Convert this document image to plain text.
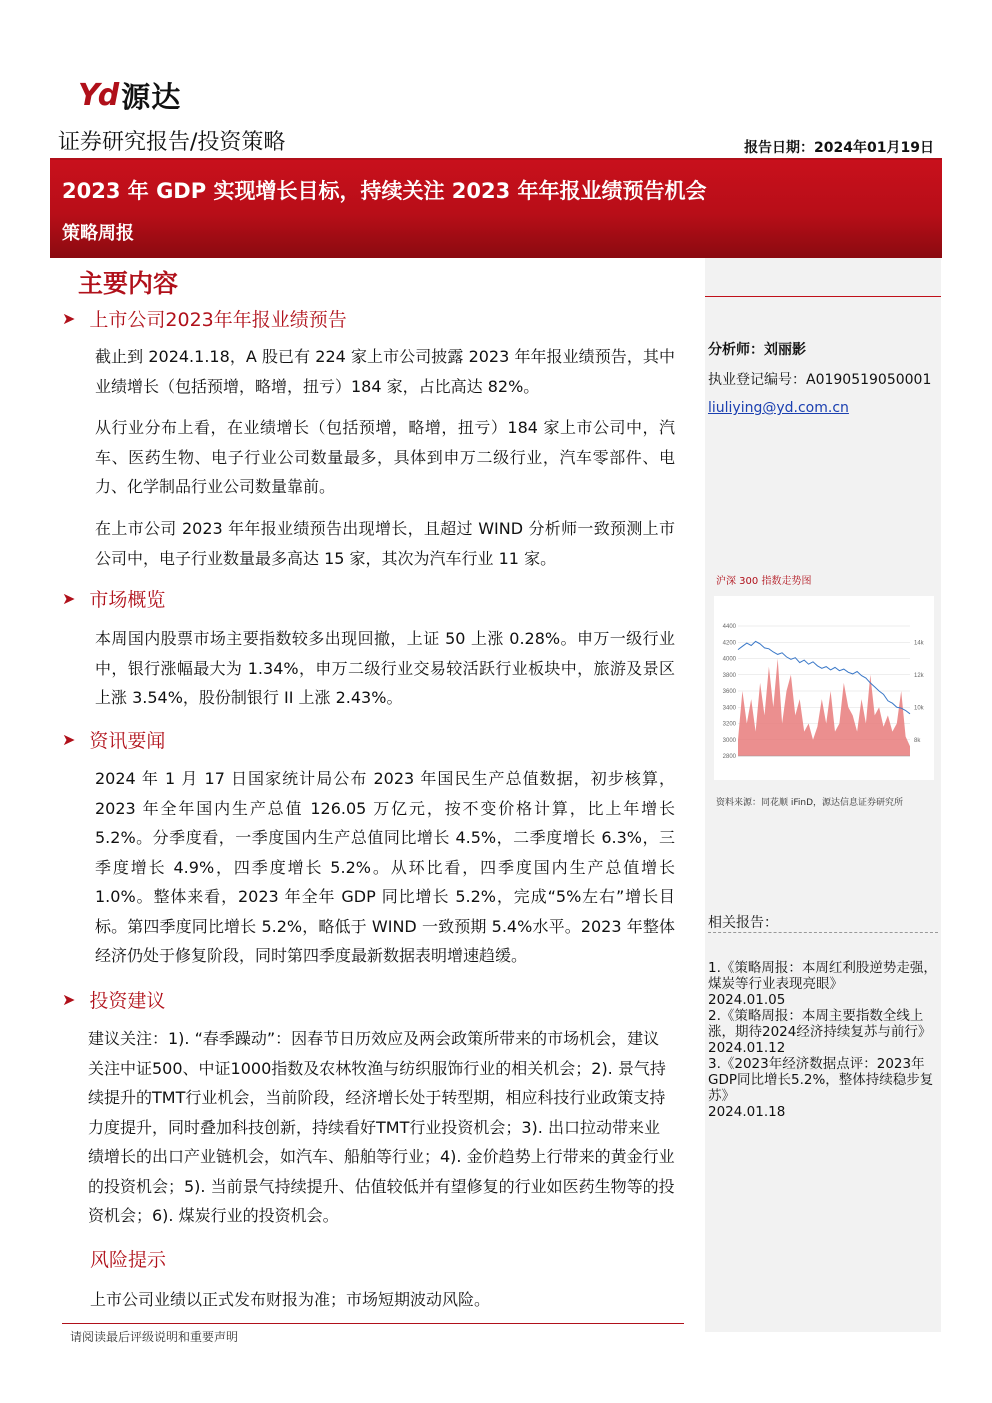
Yd 源达
证券研究报告/投资策略	报告日期：2024年01月19日
2023 年 GDP 实现增长目标，持续关注 2023 年年报业绩预告机会
策略周报
主要内容
➤ 上市公司2023年年报业绩预告
截止到 2024.1.18，A 股已有 224 家上市公司披露 2023 年年报业绩预告，其中业绩增长（包括预增，略增，扭亏）184 家，占比高达 82%。
从行业分布上看，在业绩增长（包括预增，略增，扭亏）184 家上市公司中，汽车、医药生物、电子行业公司数量最多，具体到申万二级行业，汽车零部件、电力、化学制品行业公司数量靠前。
在上市公司 2023 年年报业绩预告出现增长，且超过 WIND 分析师一致预测上市公司中，电子行业数量最多高达 15 家，其次为汽车行业 11 家。
➤ 市场概览
本周国内股票市场主要指数较多出现回撤，上证 50 上涨 0.28%。申万一级行业中，银行涨幅最大为 1.34%，申万二级行业交易较活跃行业板块中，旅游及景区上涨 3.54%，股份制银行 II 上涨 2.43%。
➤ 资讯要闻
2024 年 1 月 17 日国家统计局公布 2023 年国民生产总值数据，初步核算，2023 年全年国内生产总值 126.05 万亿元，按不变价格计算，比上年增长 5.2%。分季度看，一季度国内生产总值同比增长 4.5%，二季度增长 6.3%，三季度增长 4.9%，四季度增长 5.2%。从环比看，四季度国内生产总值增长 1.0%。整体来看，2023 年全年 GDP 同比增长 5.2%，完成“5%左右”增长目标。第四季度同比增长 5.2%，略低于 WIND 一致预期 5.4%水平。2023 年整体经济仍处于修复阶段，同时第四季度最新数据表明增速趋缓。
➤ 投资建议
建议关注：1). “春季躁动”：因春节日历效应及两会政策所带来的市场机会，建议关注中证500、中证1000指数及农林牧渔与纺织服饰行业的相关机会；2). 景气持续提升的TMT行业机会，当前阶段，经济增长处于转型期，相应科技行业政策支持力度提升，同时叠加科技创新，持续看好TMT行业投资机会；3). 出口拉动带来业绩增长的出口产业链机会，如汽车、船舶等行业；4). 金价趋势上行带来的黄金行业的投资机会；5). 当前景气持续提升、估值较低并有望修复的行业如医药生物等的投资机会；6). 煤炭行业的投资机会。
风险提示
上市公司业绩以正式发布财报为准；市场短期波动风险。
请阅读最后评级说明和重要声明
分析师：刘丽影
执业登记编号：A0190519050001
liuliying@yd.com.cn
沪深 300 指数走势图
4400
4200
4000
3800
3600
3400
3200
3000
2800
14k
12k
10k
8k
资料来源：同花顺 iFinD，源达信息证券研究所
相关报告：
1.《策略周报：本周红利股逆势走强，煤炭等行业表现亮眼》
2024.01.05
2.《策略周报：本周主要指数全线上涨，期待2024经济持续复苏与前行》
2024.01.12
3.《2023年经济数据点评：2023年GDP同比增长5.2%，整体持续稳步复苏》
2024.01.18
